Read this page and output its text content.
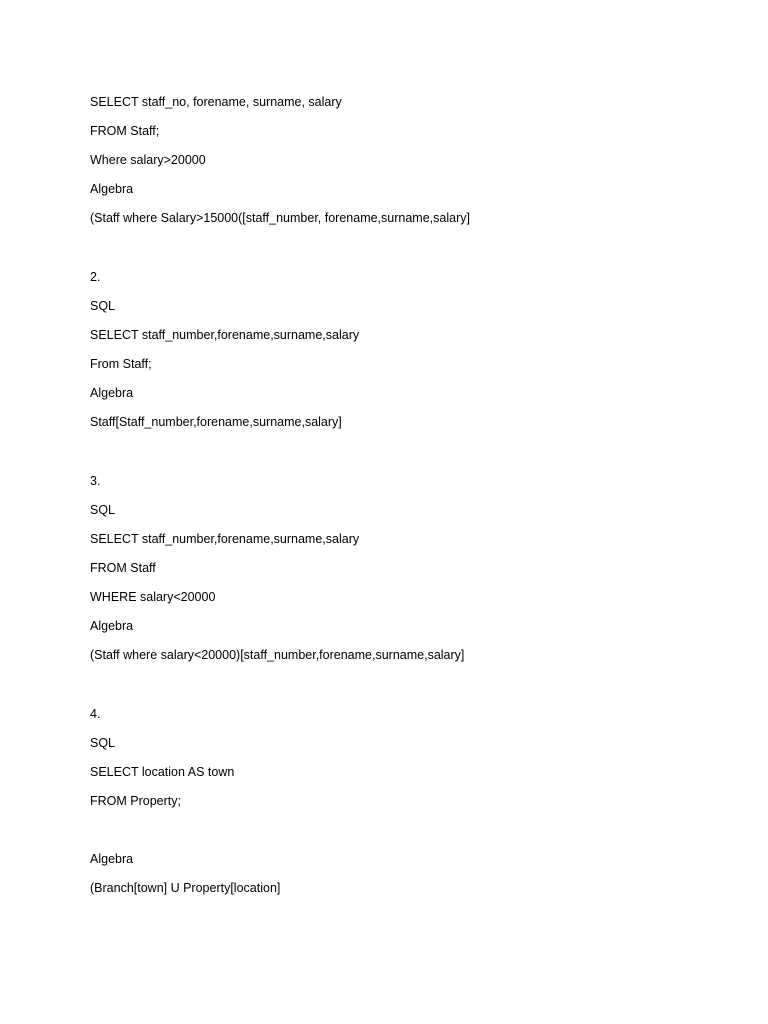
SELECT staff_no, forename, surname, salary

FROM Staff;

Where salary>20000

Algebra

(Staff where Salary>15000([staff_number, forename,surname,salary]

2.

SQL

SELECT staff_number,forename,surname,salary

From Staff;

Algebra

Staff[Staff_number,forename,surname,salary]

3.

SQL

SELECT staff_number,forename,surname,salary

FROM Staff

WHERE salary<20000

Algebra

(Staff where salary<20000)[staff_number,forename,surname,salary]

4.

SQL

SELECT location AS town

FROM Property;

Algebra

(Branch[town] U Property[location]
